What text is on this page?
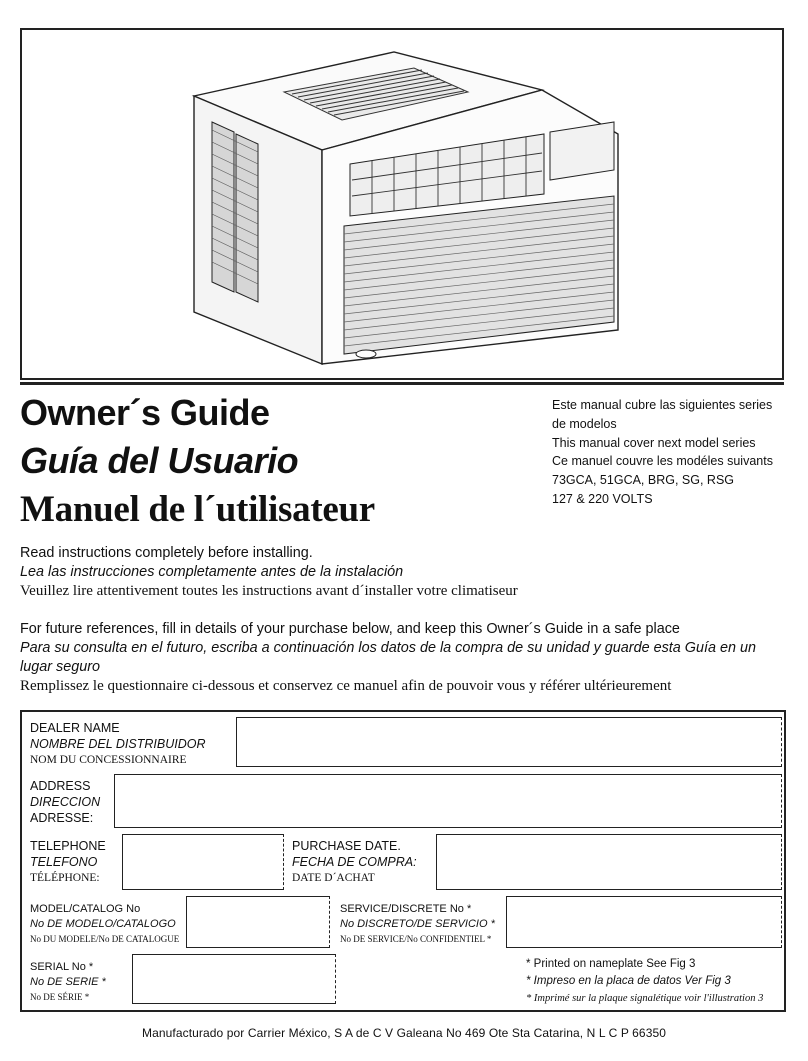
Owner´s Guide
Guía del Usuario
Manuel de l´utilisateur
Este manual cubre las siguientes series
de modelos
This manual cover next model series
Ce manuel couvre les modéles suivants
73GCA, 51GCA, BRG, SG, RSG
127 & 220 VOLTS
Read instructions completely before installing.
Lea las instrucciones completamente antes de la instalación
Veuillez lire attentivement toutes les instructions avant d´installer votre climatiseur
For future references, fill in details of your purchase below, and keep this Owner´s Guide in a safe place
Para su consulta en el futuro, escriba a continuación los datos de la compra de su unidad y guarde esta Guía en un lugar seguro
Remplissez le questionnaire ci-dessous et conservez ce manuel afin de pouvoir vous y référer ultérieurement
DEALER NAME
NOMBRE DEL DISTRIBUIDOR
NOM DU CONCESSIONNAIRE
ADDRESS
DIRECCION
ADRESSE:
TELEPHONE
TELEFONO
TÉLÉPHONE:
PURCHASE DATE.
FECHA DE COMPRA:
DATE D´ACHAT
MODEL/CATALOG No
No DE MODELO/CATALOGO
No DU MODELE/No DE CATALOGUE
SERVICE/DISCRETE No *
No DISCRETO/DE SERVICIO *
No DE SERVICE/No CONFIDENTIEL *
SERIAL No *
No DE SERIE *
No DE SÉRIE *
* Printed on nameplate See Fig 3
* Impreso en la placa de datos Ver Fig 3
* Imprimé sur la plaque signalétique voir l'illustration 3
Manufacturado por Carrier México, S A de C V Galeana No 469 Ote Sta Catarina, N L C P 66350
